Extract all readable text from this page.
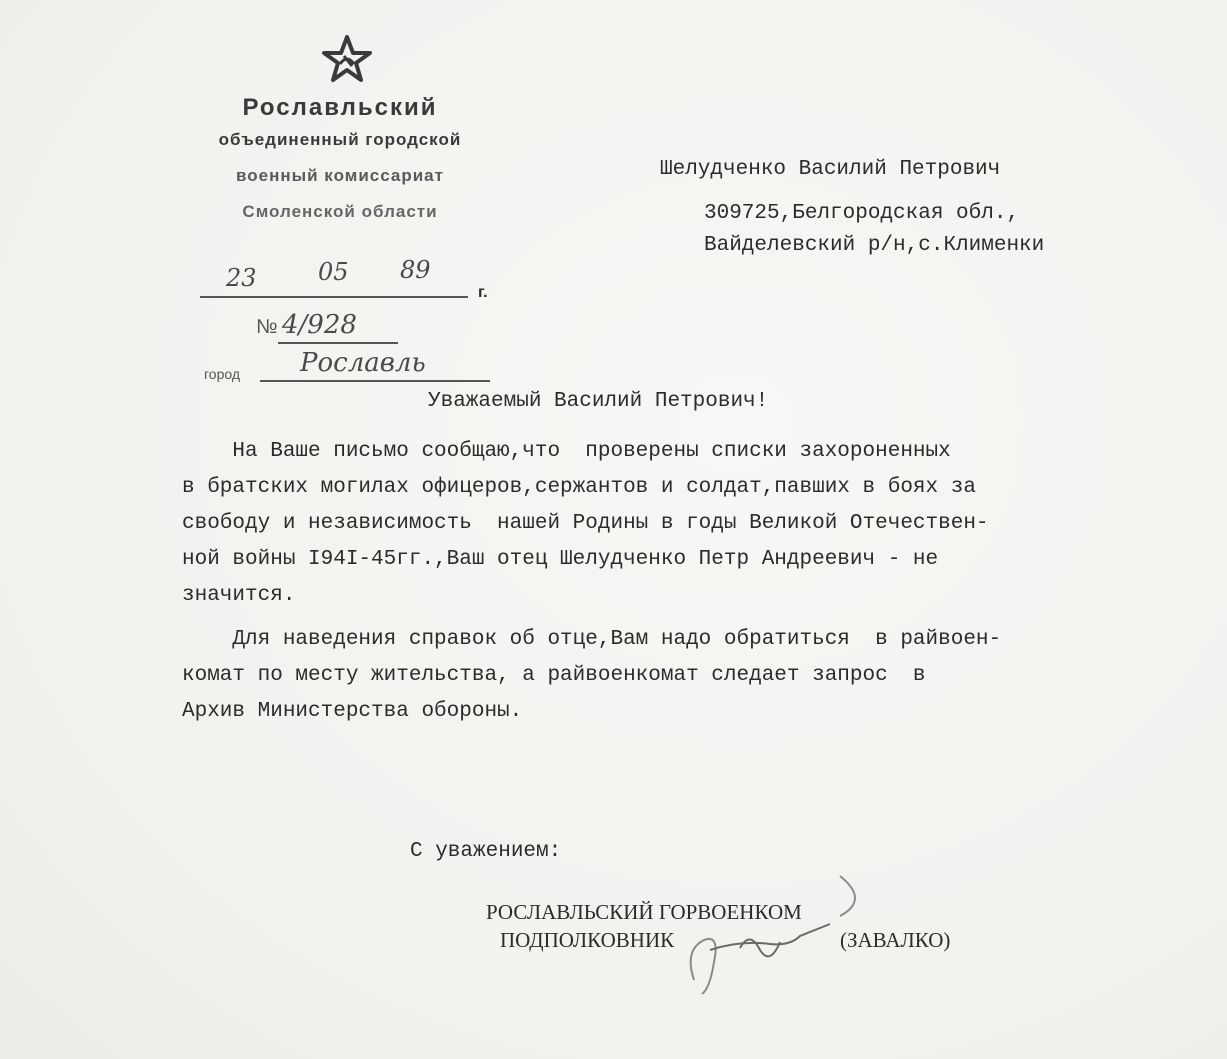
Рославльский
объединенный городской
военный комиссариат
Смоленской области
23	05 89
г.
№ 4/928
город Рославль
Шелудченко Василий Петрович
309725,Белгородская обл.,
Вайделевский р/н,с.Клименки
Уважаемый Василий Петрович!
На Ваше письмо сообщаю,что  проверены списки захороненных
в братских могилах офицеров,сержантов и солдат,павших в боях за
свободу и независимость  нашей Родины в годы Великой Отечествен-
ной войны I94I-45гг.,Ваш отец Шелудченко Петр Андреевич - не
значится.
Для наведения справок об отце,Вам надо обратиться  в райвоен-
комат по месту жительства, а райвоенкомат следает запрос  в
Архив Министерства обороны.
С уважением:
РОСЛАВЛЬСКИЙ ГОРВОЕНКОМ
ПОДПОЛКОВНИК	(ЗАВАЛКО)
